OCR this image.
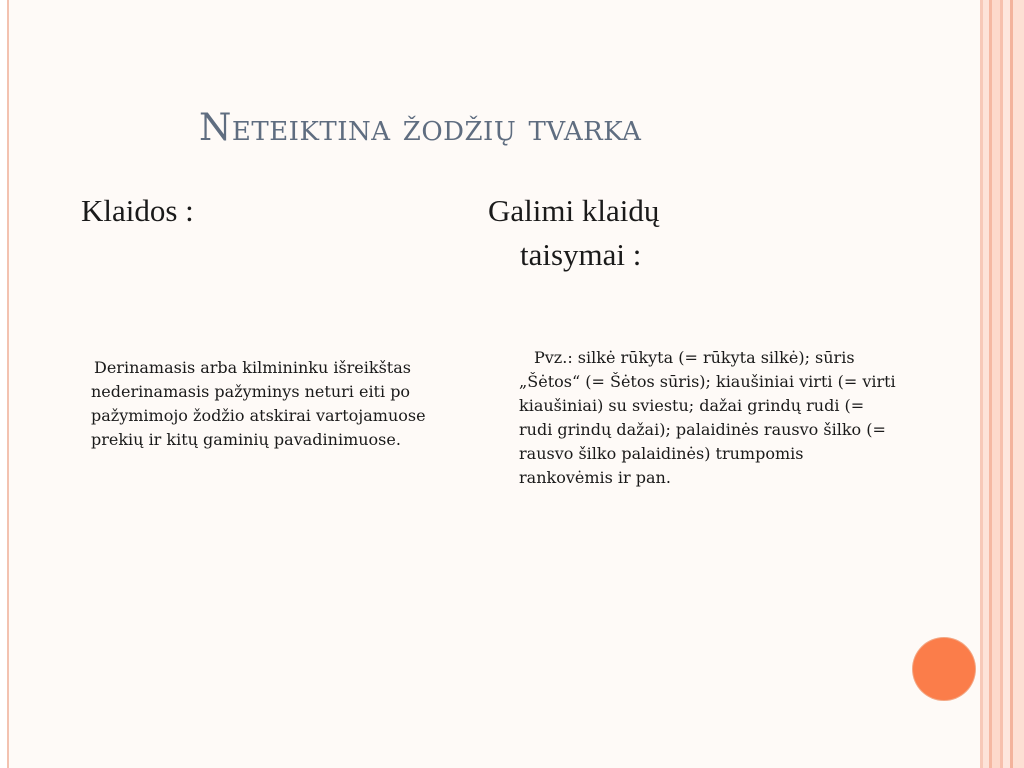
Neteiktina žodžių tvarka
Klaidos :	Galimi klaidų
taisymai :

Derinamasis arba kilmininku išreikštas nederinamasis pažyminys neturi eiti po pažymimojo žodžio atskirai vartojamuose prekių ir kitų gaminių pavadinimuose.

Pvz.: silkė rūkyta (= rūkyta silkė); sūris „Šėtos“ (= Šėtos sūris); kiaušiniai virti (= virti kiaušiniai) su sviestu; dažai grindų rudi (= rudi grindų dažai); palaidinės rausvo šilko (= rausvo šilko palaidinės) trumpomis rankovėmis ir pan.
